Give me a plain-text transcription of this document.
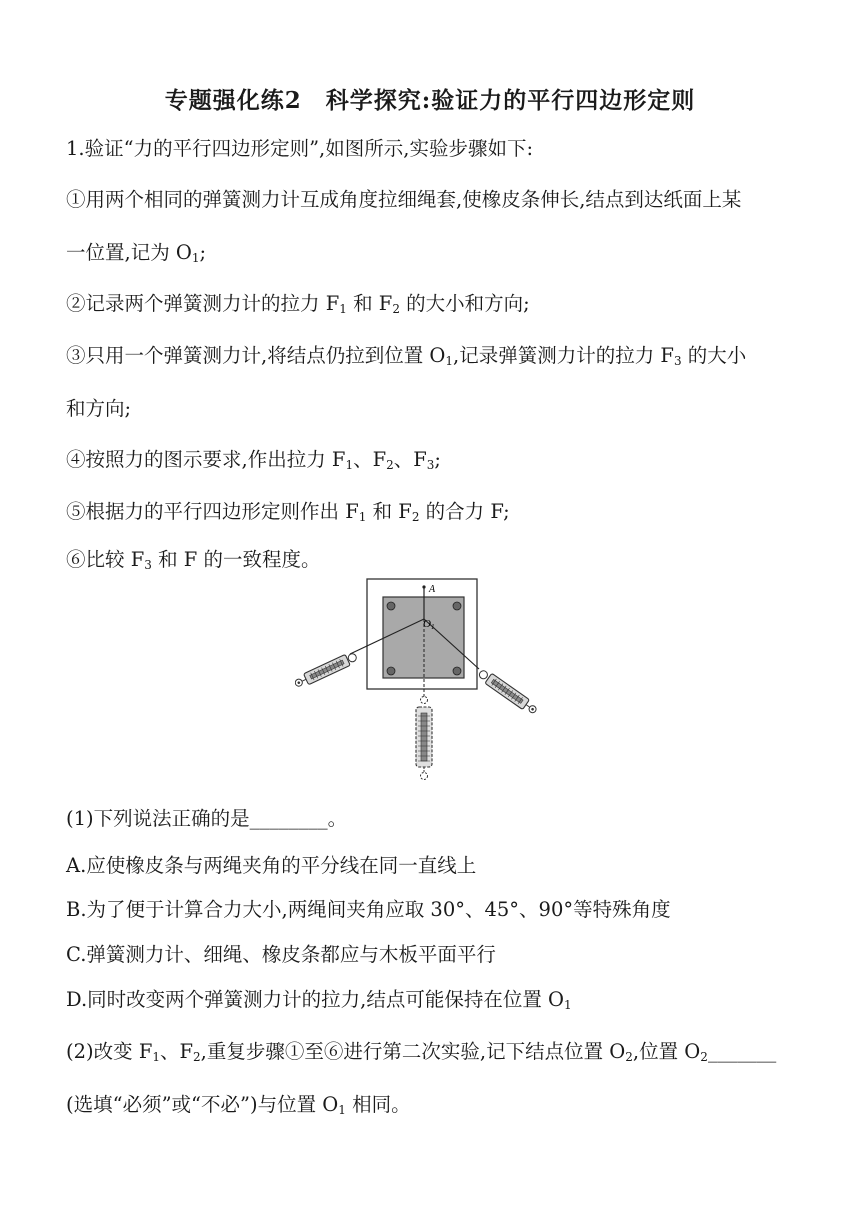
专题强化练2　科学探究:验证力的平行四边形定则
1.验证“力的平行四边形定则”,如图所示,实验步骤如下:
①用两个相同的弹簧测力计互成角度拉细绳套,使橡皮条伸长,结点到达纸面上某
一位置,记为 $O_1$;
②记录两个弹簧测力计的拉力 $F_1$ 和 $F_2$ 的大小和方向;
③只用一个弹簧测力计,将结点仍拉到位置 $O_1$,记录弹簧测力计的拉力 $F_3$ 的大小
和方向;
④按照力的图示要求,作出拉力 $F_1$、$F_2$、$F_3$;
⑤根据力的平行四边形定则作出 $F_1$ 和 $F_2$ 的合力 F;
⑥比较 $F_3$ 和 F 的一致程度。
A
O1
(1)下列说法正确的是________。
A.应使橡皮条与两绳夹角的平分线在同一直线上
B.为了便于计算合力大小,两绳间夹角应取 30°、45°、90°等特殊角度
C.弹簧测力计、细绳、橡皮条都应与木板平面平行
D.同时改变两个弹簧测力计的拉力,结点可能保持在位置 $O_1$
(2)改变 $F_1$、$F_2$,重复步骤①至⑥进行第二次实验,记下结点位置 $O_2$,位置 $O_2\_\_\_\_\_\_\_$
(选填“必须”或“不必”)与位置 $O_1$ 相同。
